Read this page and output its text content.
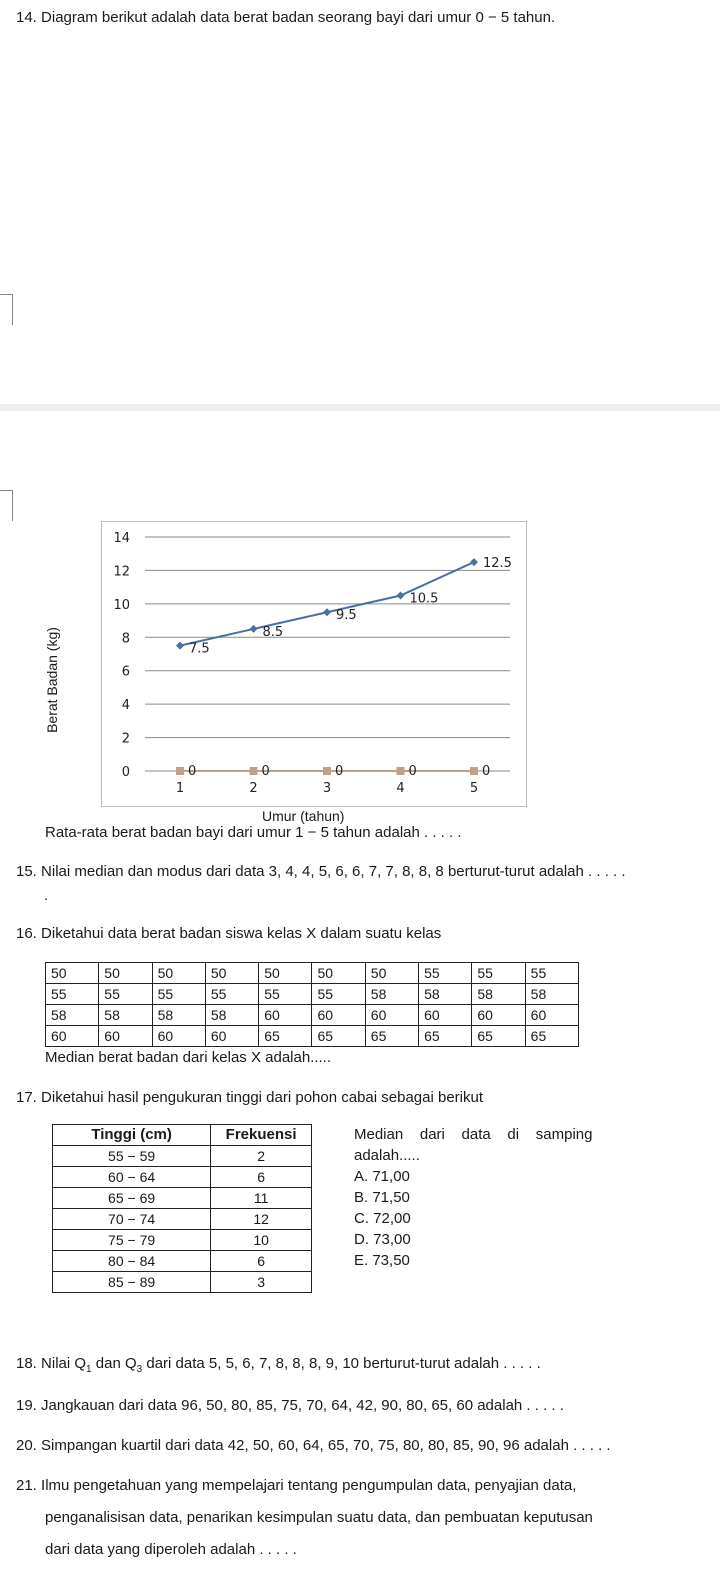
14. Diagram berikut adalah data berat badan seorang bayi dari umur 0 − 5 tahun.
Berat Badan (kg)
Umur (tahun)
0
2
4
6
8
10
12
14
1	2	3	4	5
7.5
8.5
9.5
10.5
12.5
0	0	0	0	0
Rata-rata berat badan bayi dari umur 1 − 5 tahun adalah . . . . .
15. Nilai median dan modus dari data 3, 4, 4, 5, 6, 6, 7, 7, 8, 8, 8 berturut-turut adalah . . . . .
.
16. Diketahui data berat badan siswa kelas X dalam suatu kelas
50	50	50	50	50	50	50	55	55	55
55	55	55	55	55	55	58	58	58	58
58	58	58	58	60	60	60	60	60	60
60	60	60	60	65	65	65	65	65	65
Median berat badan dari kelas X adalah.....
17. Diketahui hasil pengukuran tinggi dari pohon cabai sebagai berikut
Tinggi (cm)	Frekuensi
55 − 59	2
60 − 64	6
65 − 69	11
70 − 74	12
75 − 79	10
80 − 84	6
85 − 89	3
Median    dari    data    di    samping
adalah.....
A. 71,00
B. 71,50
C. 72,00
D. 73,00
E. 73,50
18. Nilai $Q_1$ dan $Q_3$ dari data 5, 5, 6, 7, 8, 8, 8, 9, 10 berturut-turut adalah . . . . .
19. Jangkauan dari data 96, 50, 80, 85, 75, 70, 64, 42, 90, 80, 65, 60 adalah . . . . .
20. Simpangan kuartil dari data 42, 50, 60, 64, 65, 70, 75, 80, 80, 85, 90, 96 adalah . . . . .
21. Ilmu pengetahuan yang mempelajari tentang pengumpulan data, penyajian data,
penganalisisan data, penarikan kesimpulan suatu data, dan pembuatan keputusan
dari data yang diperoleh adalah . . . . .
